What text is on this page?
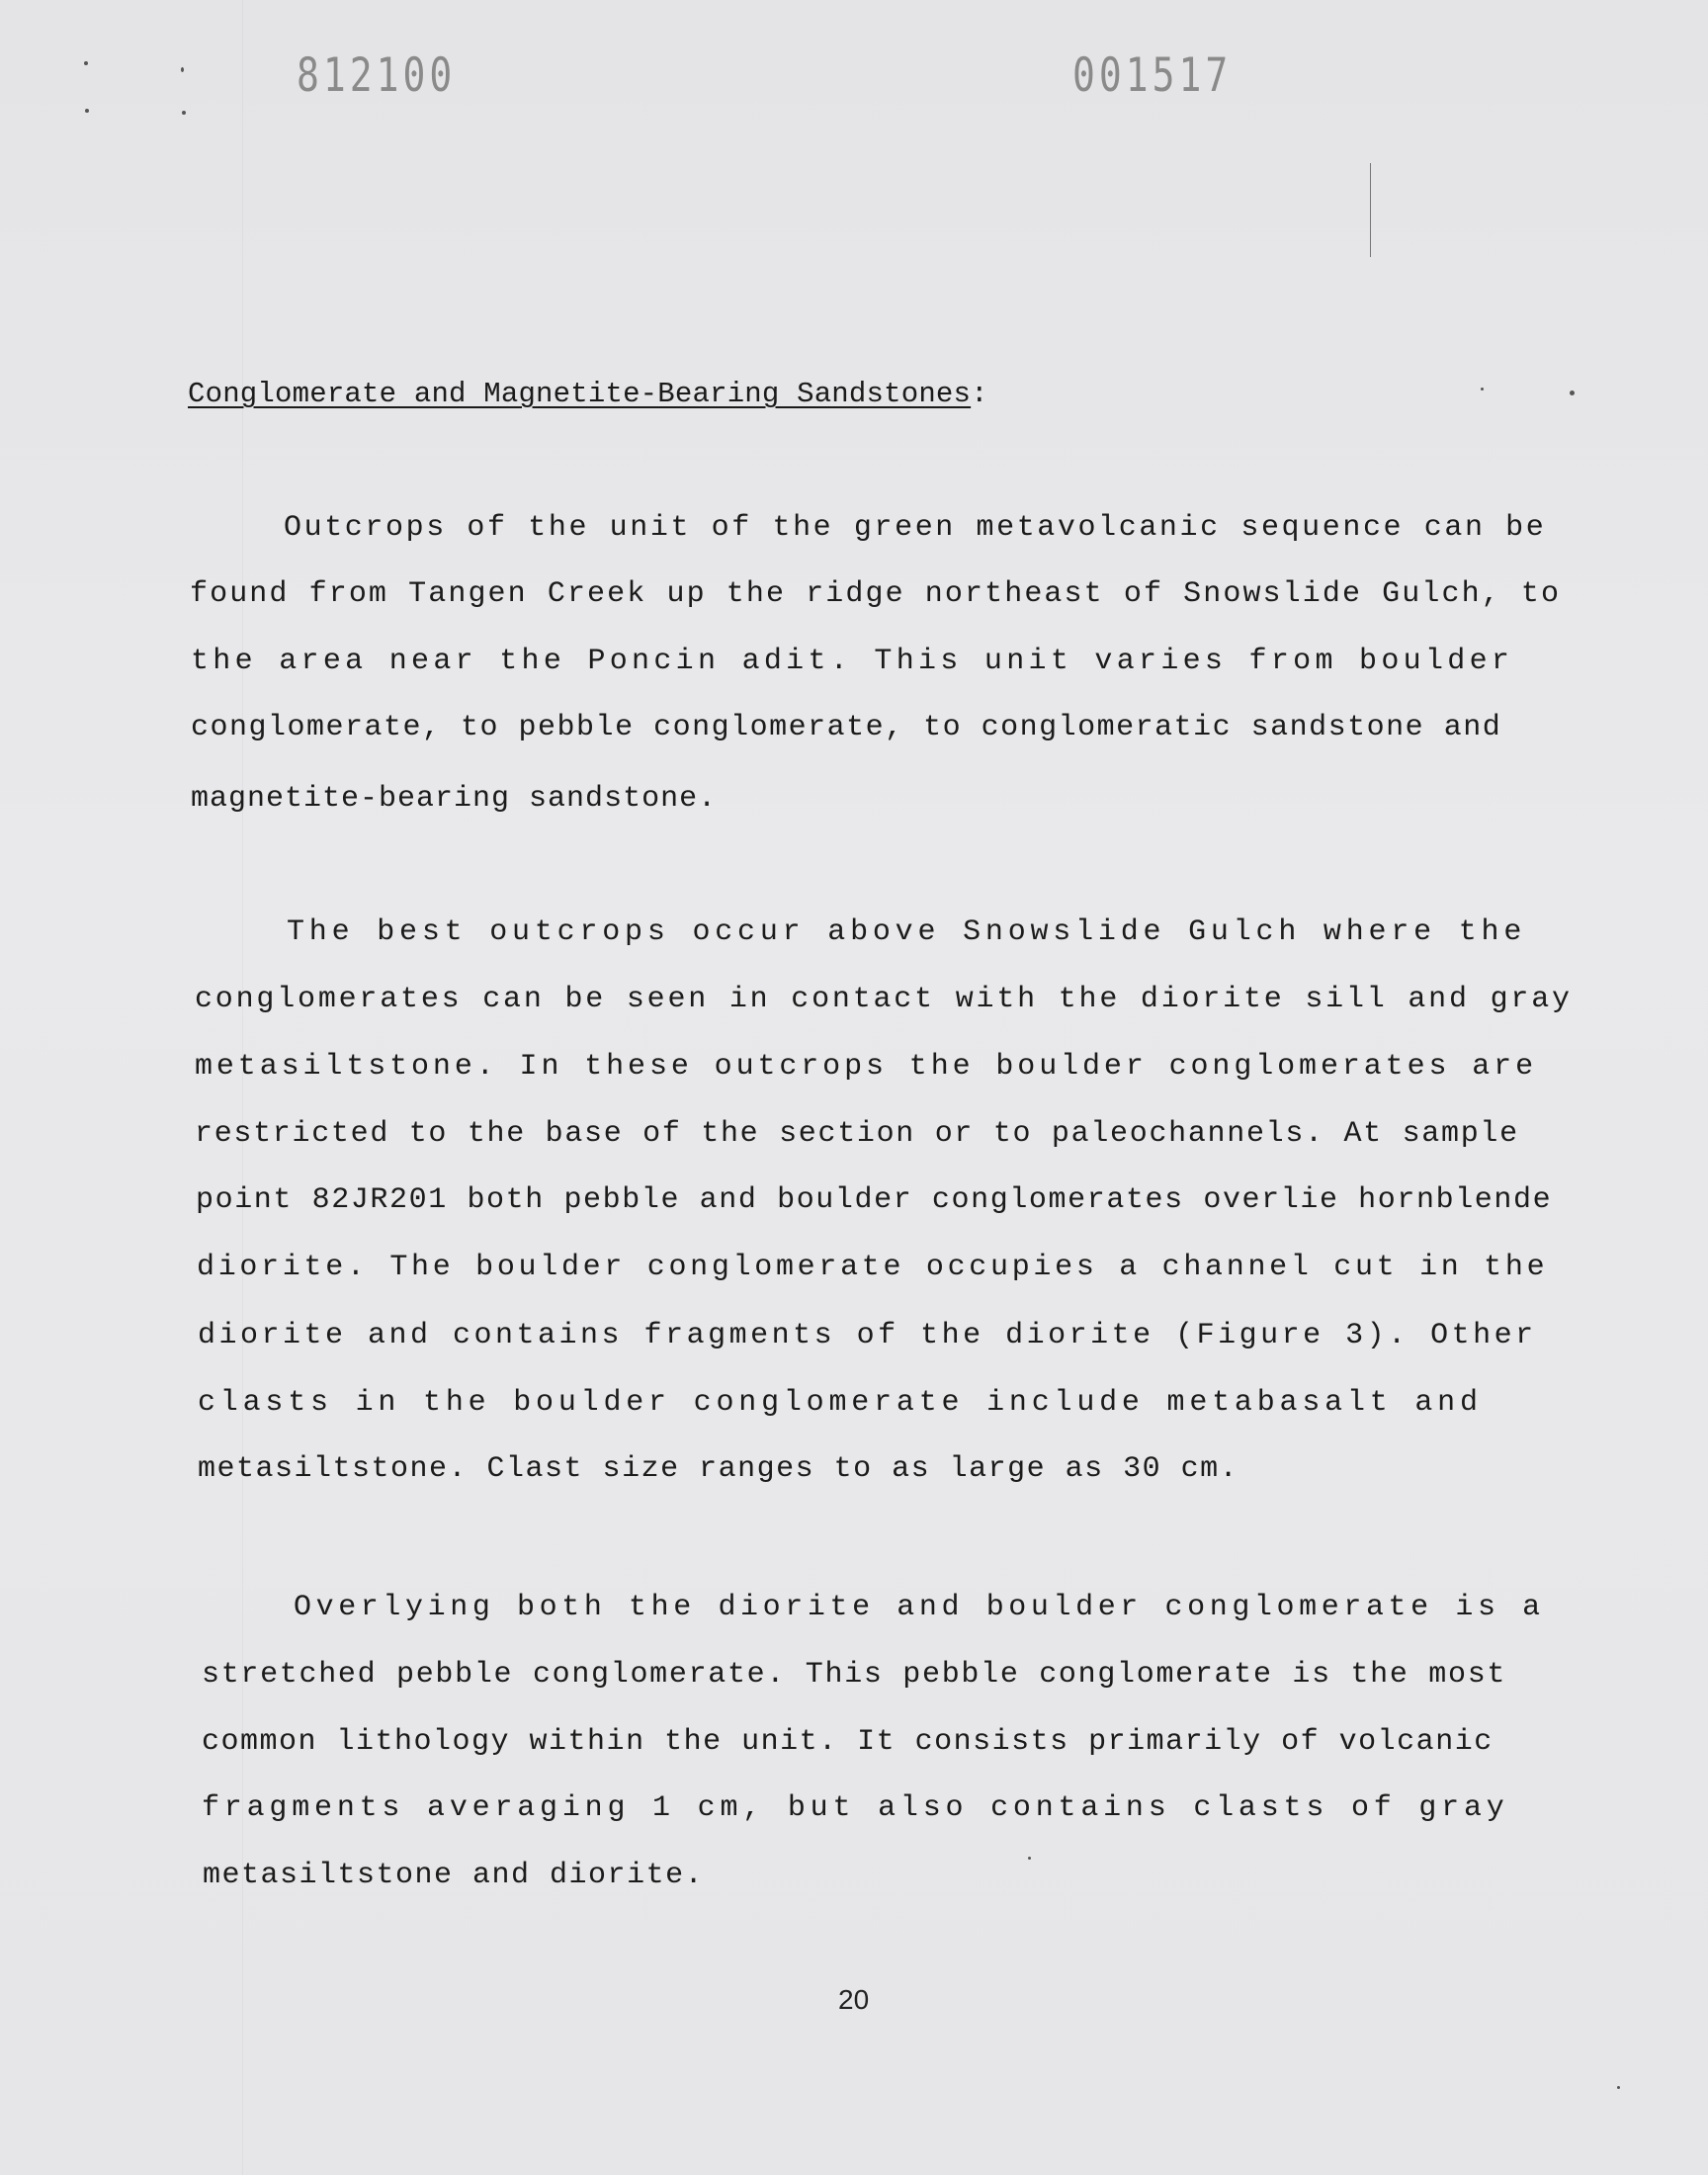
812100	001517
Conglomerate and Magnetite-Bearing Sandstones:
Outcrops of the unit of the green metavolcanic sequence can be
found from Tangen Creek up the ridge northeast of Snowslide Gulch, to
the area near the Poncin adit. This unit varies from boulder
conglomerate, to pebble conglomerate, to conglomeratic sandstone and
magnetite-bearing sandstone.
The best outcrops occur above Snowslide Gulch where the
conglomerates can be seen in contact with the diorite sill and gray
metasiltstone. In these outcrops the boulder conglomerates are
restricted to the base of the section or to paleochannels. At sample
point 82JR201 both pebble and boulder conglomerates overlie hornblende
diorite. The boulder conglomerate occupies a channel cut in the
diorite and contains fragments of the diorite (Figure 3). Other
clasts in the boulder conglomerate include metabasalt and
metasiltstone. Clast size ranges to as large as 30 cm.
Overlying both the diorite and boulder conglomerate is a
stretched pebble conglomerate. This pebble conglomerate is the most
common lithology within the unit. It consists primarily of volcanic
fragments averaging 1 cm, but also contains clasts of gray
metasiltstone and diorite.
20
